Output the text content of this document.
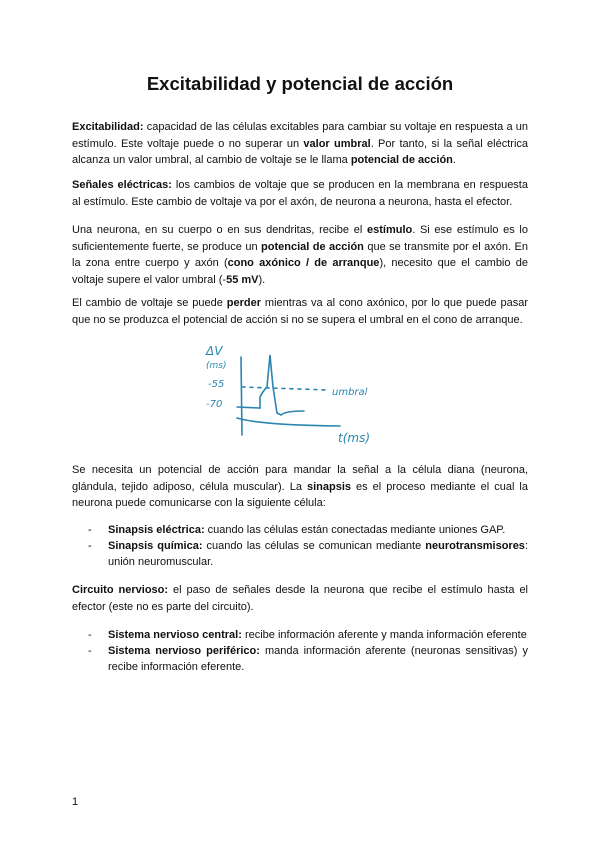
Excitabilidad y potencial de acción
Excitabilidad: capacidad de las células excitables para cambiar su voltaje en respuesta a un estímulo. Este voltaje puede o no superar un valor umbral. Por tanto, si la señal eléctrica alcanza un valor umbral, al cambio de voltaje se le llama potencial de acción.
Señales eléctricas: los cambios de voltaje que se producen en la membrana en respuesta al estímulo. Este cambio de voltaje va por el axón, de neurona a neurona, hasta el efector.
Una neurona, en su cuerpo o en sus dendritas, recibe el estímulo. Si ese estímulo es lo suficientemente fuerte, se produce un potencial de acción que se transmite por el axón. En la zona entre cuerpo y axón (cono axónico / de arranque), necesito que el cambio de voltaje supere el valor umbral (-55 mV).
El cambio de voltaje se puede perder mientras va al cono axónico, por lo que puede pasar que no se produzca el potencial de acción si no se supera el umbral en el cono de arranque.
ΔV
(ms)
-55
-70
umbral
t(ms)
Se necesita un potencial de acción para mandar la señal a la célula diana (neurona, glándula, tejido adiposo, célula muscular). La sinapsis es el proceso mediante el cual la neurona puede comunicarse con la siguiente célula:
- Sinapsis eléctrica: cuando las células están conectadas mediante uniones GAP.
- Sinapsis química: cuando las células se comunican mediante neurotransmisores: unión neuromuscular.
Circuito nervioso: el paso de señales desde la neurona que recibe el estímulo hasta el efector (este no es parte del circuito).
- Sistema nervioso central: recibe información aferente y manda información eferente
- Sistema nervioso periférico: manda información aferente (neuronas sensitivas) y recibe información eferente.
1
